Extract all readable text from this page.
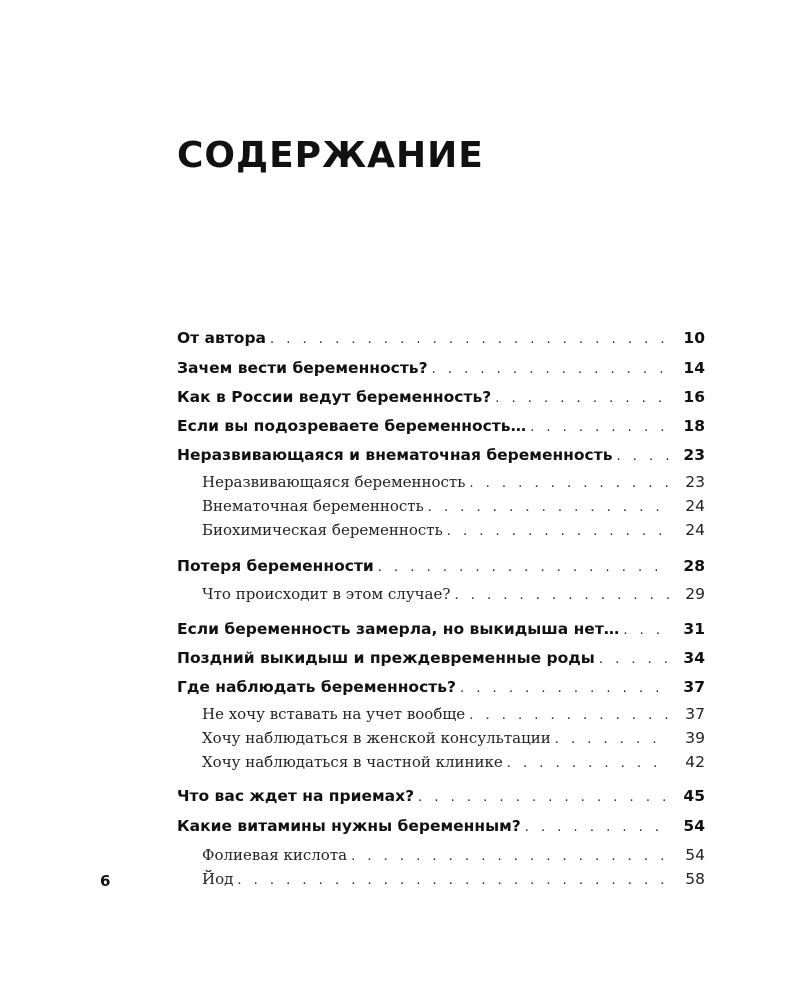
СОДЕРЖАНИЕ
От автора . . .	10
Зачем вести беременность? . . .	14
Как в России ведут беременность? . . .	16
Если вы подозреваете беременность… . . .	18
Неразвивающаяся и внематочная беременность . . .	23
Неразвивающаяся беременность . . .	23
Внематочная беременность . . .	24
Биохимическая беременность . . .	24
Потеря беременности . . .	28
Что происходит в этом случае? . . .	29
Если беременность замерла, но выкидыша нет… . . .	31
Поздний выкидыш и преждевременные роды . . .	34
Где наблюдать беременность? . . .	37
Не хочу вставать на учет вообще . . .	37
Хочу наблюдаться в женской консультации . . .	39
Хочу наблюдаться в частной клинике . . .	42
Что вас ждет на приемах? . . .	45
Какие витамины нужны беременным? . . .	54
Фолиевая кислота . . .	54
Йод . . .	58
6
